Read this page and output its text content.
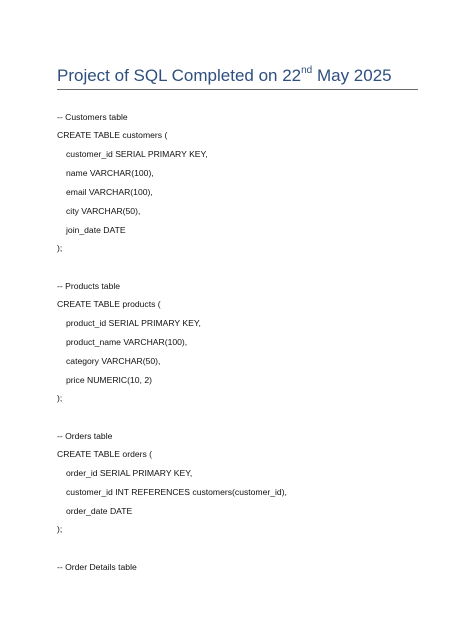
Project of SQL Completed on 22nd May 2025
-- Customers table
CREATE TABLE customers (
customer_id SERIAL PRIMARY KEY,
name VARCHAR(100),
email VARCHAR(100),
city VARCHAR(50),
join_date DATE
);
-- Products table
CREATE TABLE products (
product_id SERIAL PRIMARY KEY,
product_name VARCHAR(100),
category VARCHAR(50),
price NUMERIC(10, 2)
);
-- Orders table
CREATE TABLE orders (
order_id SERIAL PRIMARY KEY,
customer_id INT REFERENCES customers(customer_id),
order_date DATE
);
-- Order Details table
